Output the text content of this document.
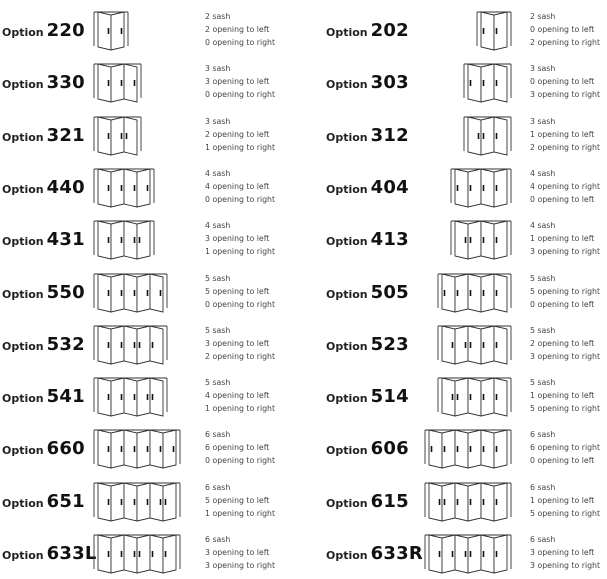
Option 220
2 sash
2 opening to left
0 opening to right
Option 330
3 sash
3 opening to left
0 opening to right
Option 321
3 sash
2 opening to left
1 opening to right
Option 440
4 sash
4 opening to left
0 opening to right
Option 431
4 sash
3 opening to left
1 opening to right
Option 550
5 sash
5 opening to left
0 opening to right
Option 532
5 sash
3 opening to left
2 opening to right
Option 541
5 sash
4 opening to left
1 opening to right
Option 660
6 sash
6 opening to left
0 opening to right
Option 651
6 sash
5 opening to left
1 opening to right
Option 633L
6 sash
3 opening to left
3 opening to right
Option 202
2 sash
0 opening to left
2 opening to right
Option 303
3 sash
0 opening to left
3 opening to right
Option 312
3 sash
1 opening to left
2 opening to right
Option 404
4 sash
4 opening to right
0 opening to left
Option 413
4 sash
1 opening to left
3 opening to right
Option 505
5 sash
5 opening to right
0 opening to left
Option 523
5 sash
2 opening to left
3 opening to right
Option 514
5 sash
1 opening to left
5 opening to right
Option 606
6 sash
6 opening to right
0 opening to left
Option 615
6 sash
1 opening to left
5 opening to right
Option 633R
6 sash
3 opening to left
3 opening to right
